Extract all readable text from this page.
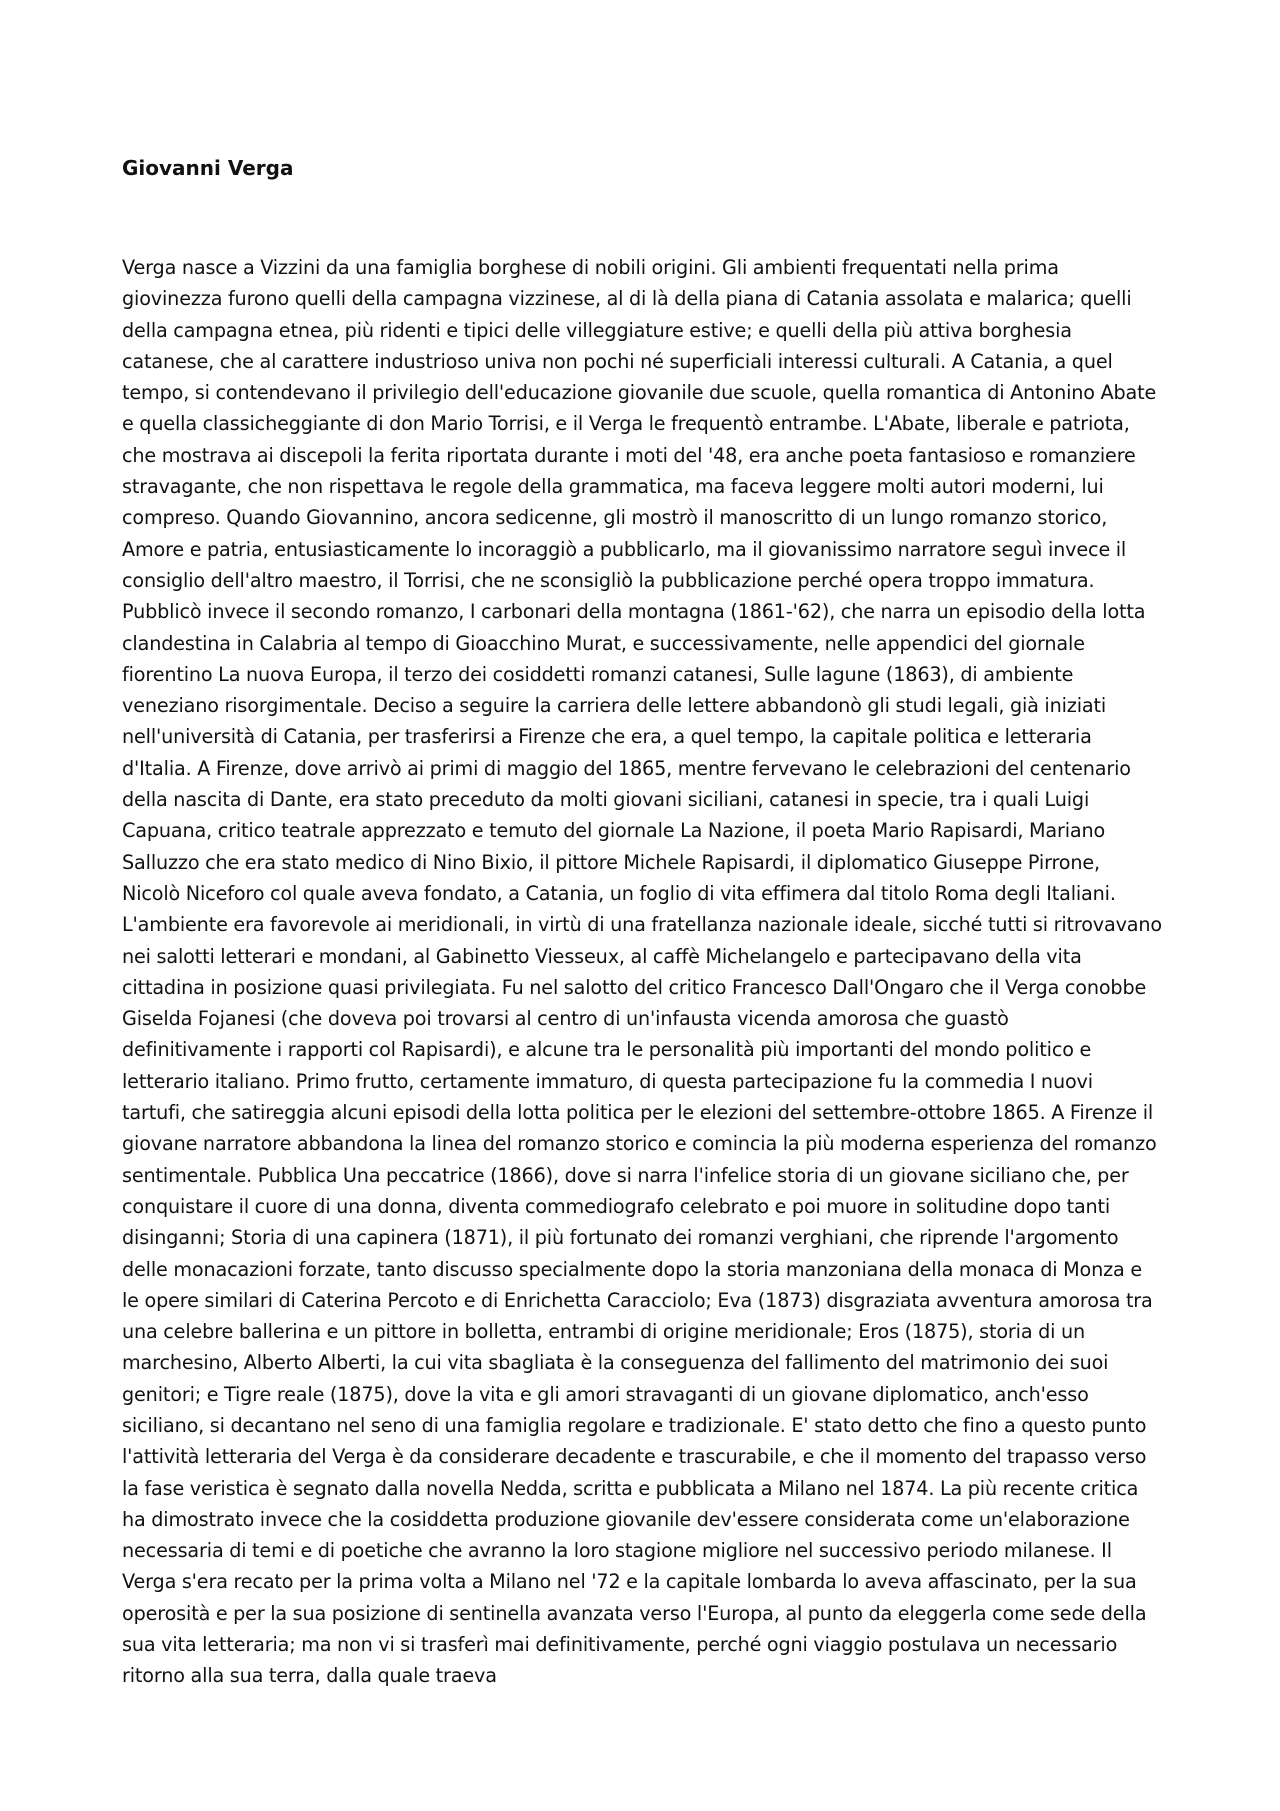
Giovanni Verga

Verga nasce a Vizzini da una famiglia borghese di nobili origini. Gli ambienti frequentati nella prima giovinezza furono quelli della campagna vizzinese, al di là della piana di Catania assolata e malarica; quelli della campagna etnea, più ridenti e tipici delle villeggiature estive; e quelli della più attiva borghesia catanese, che al carattere industrioso univa non pochi né superficiali interessi culturali. A Catania, a quel tempo, si contendevano il privilegio dell'educazione giovanile due scuole, quella romantica di Antonino Abate e quella classicheggiante di don Mario Torrisi, e il Verga le frequentò entrambe. L'Abate, liberale e patriota, che mostrava ai discepoli la ferita riportata durante i moti del '48, era anche poeta fantasioso e romanziere stravagante, che non rispettava le regole della grammatica, ma faceva leggere molti autori moderni, lui compreso. Quando Giovannino, ancora sedicenne, gli mostrò il manoscritto di un lungo romanzo storico, Amore e patria, entusiasticamente lo incoraggiò a pubblicarlo, ma il giovanissimo narratore seguì invece il consiglio dell'altro maestro, il Torrisi, che ne sconsigliò la pubblicazione perché opera troppo immatura. Pubblicò invece il secondo romanzo, I carbonari della montagna (1861-'62), che narra un episodio della lotta clandestina in Calabria al tempo di Gioacchino Murat, e successivamente, nelle appendici del giornale fiorentino La nuova Europa, il terzo dei cosiddetti romanzi catanesi, Sulle lagune (1863), di ambiente veneziano risorgimentale. Deciso a seguire la carriera delle lettere abbandonò gli studi legali, già iniziati nell'università di Catania, per trasferirsi a Firenze che era, a quel tempo, la capitale politica e letteraria d'Italia. A Firenze, dove arrivò ai primi di maggio del 1865, mentre fervevano le celebrazioni del centenario della nascita di Dante, era stato preceduto da molti giovani siciliani, catanesi in specie, tra i quali Luigi Capuana, critico teatrale apprezzato e temuto del giornale La Nazione, il poeta Mario Rapisardi, Mariano Salluzzo che era stato medico di Nino Bixio, il pittore Michele Rapisardi, il diplomatico Giuseppe Pirrone, Nicolò Niceforo col quale aveva fondato, a Catania, un foglio di vita effimera dal titolo Roma degli Italiani. L'ambiente era favorevole ai meridionali, in virtù di una fratellanza nazionale ideale, sicché tutti si ritrovavano nei salotti letterari e mondani, al Gabinetto Viesseux, al caffè Michelangelo e partecipavano della vita cittadina in posizione quasi privilegiata. Fu nel salotto del critico Francesco Dall'Ongaro che il Verga conobbe Giselda Fojanesi (che doveva poi trovarsi al centro di un'infausta vicenda amorosa che guastò definitivamente i rapporti col Rapisardi), e alcune tra le personalità più importanti del mondo politico e letterario italiano. Primo frutto, certamente immaturo, di questa partecipazione fu la commedia I nuovi tartufi, che satireggia alcuni episodi della lotta politica per le elezioni del settembre-ottobre 1865. A Firenze il giovane narratore abbandona la linea del romanzo storico e comincia la più moderna esperienza del romanzo sentimentale. Pubblica Una peccatrice (1866), dove si narra l'infelice storia di un giovane siciliano che, per conquistare il cuore di una donna, diventa commediografo celebrato e poi muore in solitudine dopo tanti disinganni; Storia di una capinera (1871), il più fortunato dei romanzi verghiani, che riprende l'argomento delle monacazioni forzate, tanto discusso specialmente dopo la storia manzoniana della monaca di Monza e le opere similari di Caterina Percoto e di Enrichetta Caracciolo; Eva (1873) disgraziata avventura amorosa tra una celebre ballerina e un pittore in bolletta, entrambi di origine meridionale; Eros (1875), storia di un marchesino, Alberto Alberti, la cui vita sbagliata è la conseguenza del fallimento del matrimonio dei suoi genitori; e Tigre reale (1875), dove la vita e gli amori stravaganti di un giovane diplomatico, anch'esso siciliano, si decantano nel seno di una famiglia regolare e tradizionale. E' stato detto che fino a questo punto l'attività letteraria del Verga è da considerare decadente e trascurabile, e che il momento del trapasso verso la fase veristica è segnato dalla novella Nedda, scritta e pubblicata a Milano nel 1874. La più recente critica ha dimostrato invece che la cosiddetta produzione giovanile dev'essere considerata come un'elaborazione necessaria di temi e di poetiche che avranno la loro stagione migliore nel successivo periodo milanese. Il Verga s'era recato per la prima volta a Milano nel '72 e la capitale lombarda lo aveva affascinato, per la sua operosità e per la sua posizione di sentinella avanzata verso l'Europa, al punto da eleggerla come sede della sua vita letteraria; ma non vi si trasferì mai definitivamente, perché ogni viaggio postulava un necessario ritorno alla sua terra, dalla quale traeva
